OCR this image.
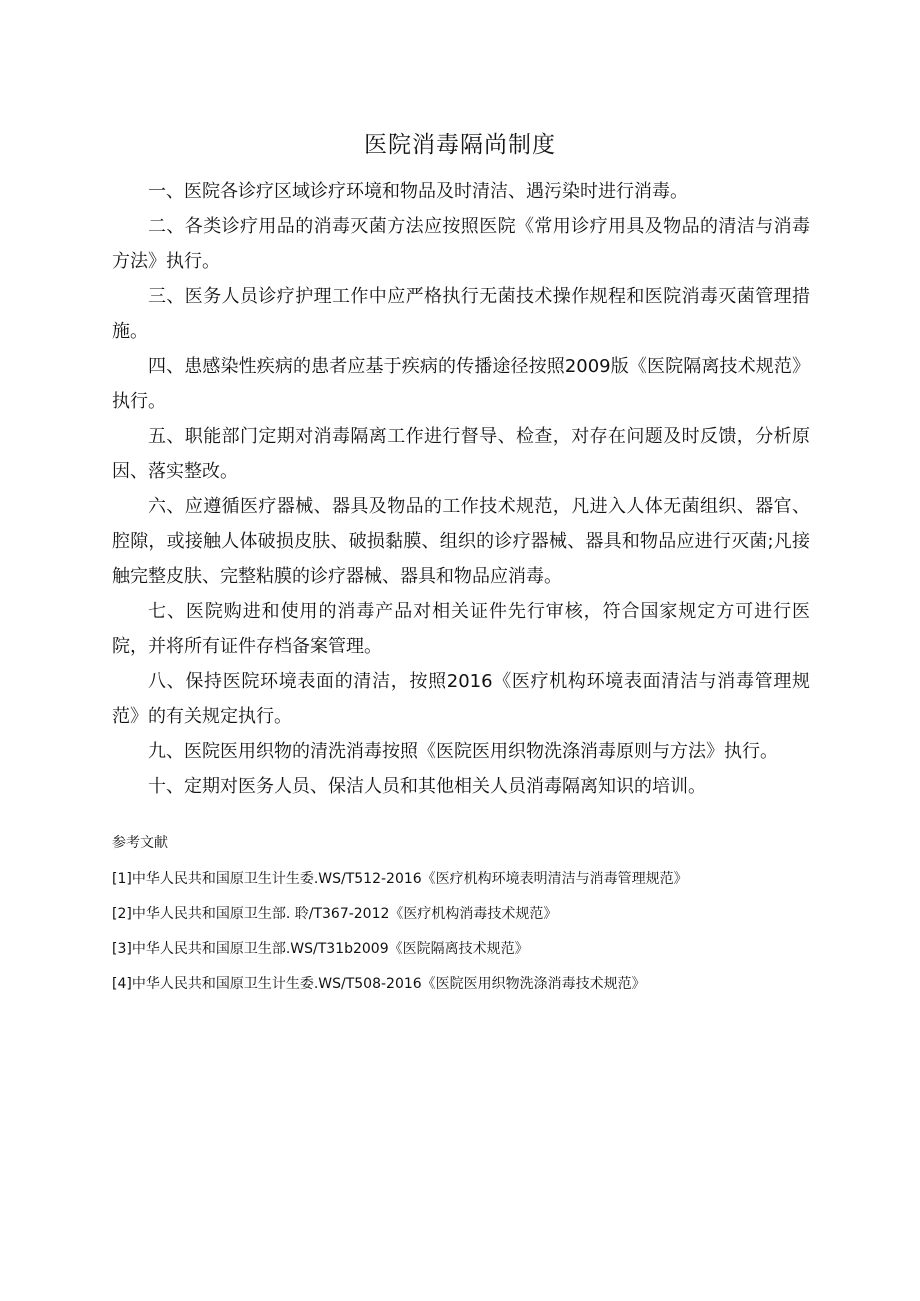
医院消毒隔尚制度

一、医院各诊疗区域诊疗环境和物品及时清洁、遇污染时进行消毒。

二、各类诊疗用品的消毒灭菌方法应按照医院《常用诊疗用具及物品的清洁与消毒方法》执行。

三、医务人员诊疗护理工作中应严格执行无菌技术操作规程和医院消毒灭菌管理措施。

四、患感染性疾病的患者应基于疾病的传播途径按照2009版《医院隔离技术规范》执行。

五、职能部门定期对消毒隔离工作进行督导、检查，对存在问题及时反馈，分析原因、落实整改。

六、应遵循医疗器械、器具及物品的工作技术规范，凡进入人体无菌组织、器官、腔隙，或接触人体破损皮肤、破损黏膜、组织的诊疗器械、器具和物品应进行灭菌;凡接触完整皮肤、完整粘膜的诊疗器械、器具和物品应消毒。

七、医院购进和使用的消毒产品对相关证件先行审核，符合国家规定方可进行医院，并将所有证件存档备案管理。

八、保持医院环境表面的清洁，按照2016《医疗机构环境表面清洁与消毒管理规范》的有关规定执行。

九、医院医用织物的清洗消毒按照《医院医用织物洗涤消毒原则与方法》执行。

十、定期对医务人员、保洁人员和其他相关人员消毒隔离知识的培训。

参考文献
[1]中华人民共和国原卫生计生委.WS/T512-2016《医疗机构环境表明清洁与消毒管理规范》
[2]中华人民共和国原卫生部. 聆/T367-2012《医疗机构消毒技术规范》
[3]中华人民共和国原卫生部.WS/T31b2009《医院隔离技术规范》
[4]中华人民共和国原卫生计生委.WS/T508-2016《医院医用织物洗涤消毒技术规范》
